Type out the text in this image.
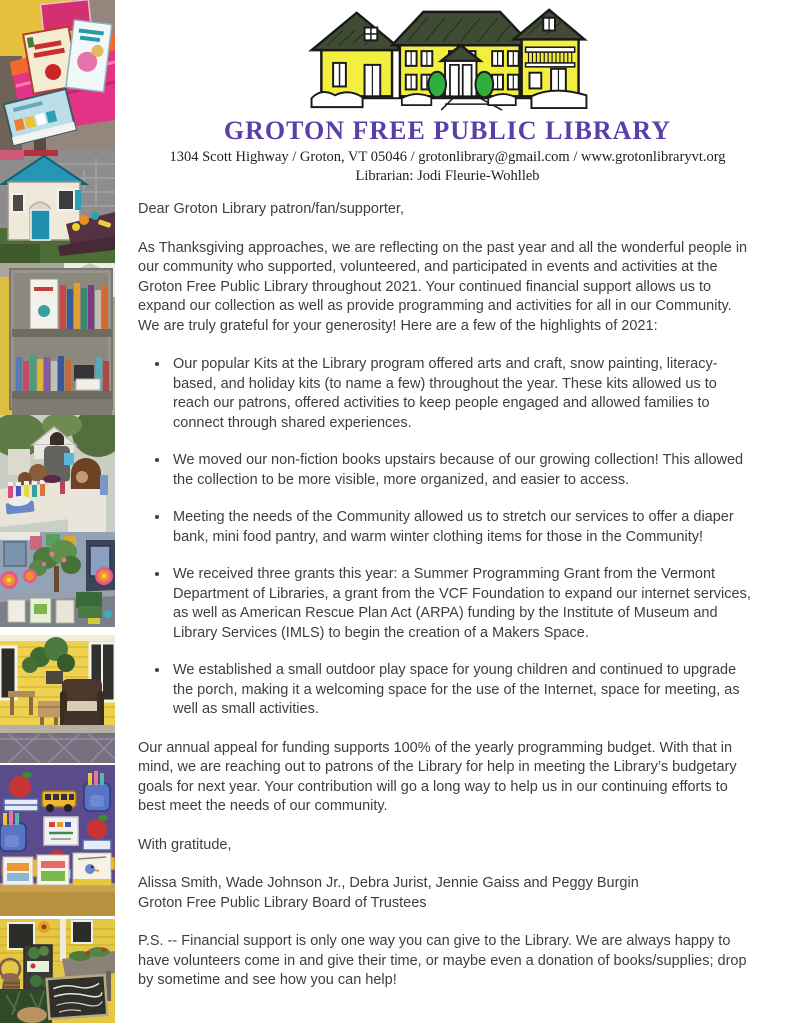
GROTON FREE PUBLIC LIBRARY
1304 Scott Highway / Groton, VT 05046 / grotonlibrary@gmail.com / www.grotonlibraryvt.org
Librarian: Jodi Fleurie-Wohlleb

Dear Groton Library patron/fan/supporter,

As Thanksgiving approaches, we are reflecting on the past year and all the wonderful people in our community who supported, volunteered, and participated in events and activities at the Groton Free Public Library throughout 2021. Your continued financial support allows us to expand our collection as well as provide programming and activities for all in our Community. We are truly grateful for your generosity! Here are a few of the highlights of 2021:

• Our popular Kits at the Library program offered arts and craft, snow painting, literacy-based, and holiday kits (to name a few) throughout the year. These kits allowed us to reach our patrons, offered activities to keep people engaged and allowed families to connect through shared experiences.
• We moved our non-fiction books upstairs because of our growing collection! This allowed the collection to be more visible, more organized, and easier to access.
• Meeting the needs of the Community allowed us to stretch our services to offer a diaper bank, mini food pantry, and warm winter clothing items for those in the Community!
• We received three grants this year: a Summer Programming Grant from the Vermont Department of Libraries, a grant from the VCF Foundation to expand our internet services, as well as American Rescue Plan Act (ARPA) funding by the Institute of Museum and Library Services (IMLS) to begin the creation of a Makers Space.
• We established a small outdoor play space for young children and continued to upgrade the porch, making it a welcoming space for the use of the Internet, space for meeting, as well as small activities.

Our annual appeal for funding supports 100% of the yearly programming budget. With that in mind, we are reaching out to patrons of the Library for help in meeting the Library’s budgetary goals for next year. Your contribution will go a long way to help us in our continuing efforts to best meet the needs of our community.

With gratitude,

Alissa Smith, Wade Johnson Jr., Debra Jurist, Jennie Gaiss and Peggy Burgin
Groton Free Public Library Board of Trustees

P.S. -- Financial support is only one way you can give to the Library. We are always happy to have volunteers come in and give their time, or maybe even a donation of books/supplies; drop by sometime and see how you can help!
